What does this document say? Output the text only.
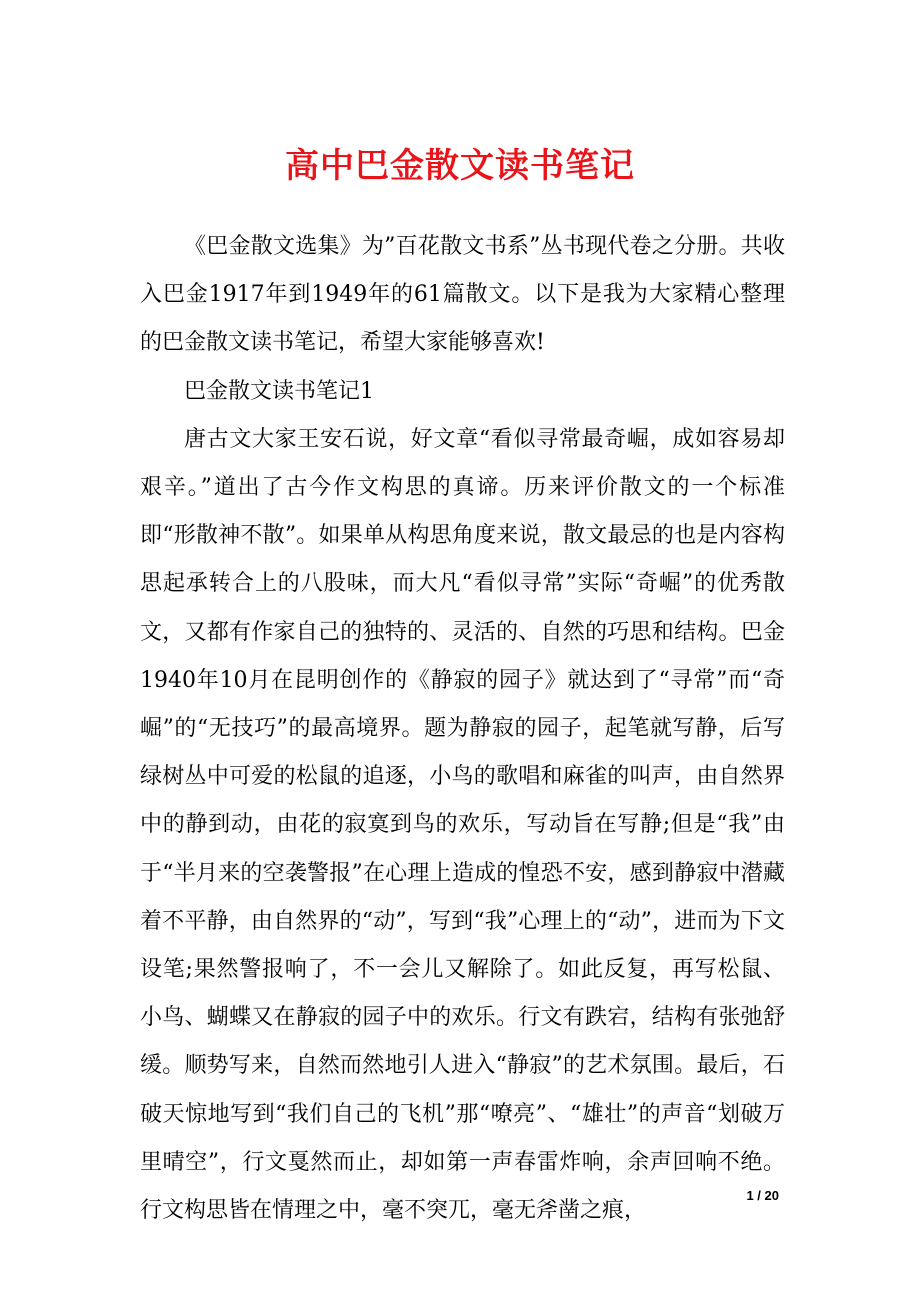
高中巴金散文读书笔记

《巴金散文选集》为”百花散文书系”丛书现代卷之分册。共收入巴金1917年到1949年的61篇散文。以下是我为大家精心整理的巴金散文读书笔记，希望大家能够喜欢!

巴金散文读书笔记1

唐古文大家王安石说，好文章“看似寻常最奇崛，成如容易却艰辛。”道出了古今作文构思的真谛。历来评价散文的一个标准即“形散神不散”。如果单从构思角度来说，散文最忌的也是内容构思起承转合上的八股味，而大凡“看似寻常”实际“奇崛”的优秀散文，又都有作家自己的独特的、灵活的、自然的巧思和结构。巴金1940年10月在昆明创作的《静寂的园子》就达到了“寻常”而“奇崛”的“无技巧”的最高境界。题为静寂的园子，起笔就写静，后写绿树丛中可爱的松鼠的追逐，小鸟的歌唱和麻雀的叫声，由自然界中的静到动，由花的寂寞到鸟的欢乐，写动旨在写静;但是“我”由于“半月来的空袭警报”在心理上造成的惶恐不安，感到静寂中潜藏着不平静，由自然界的“动”，写到“我”心理上的“动”，进而为下文设笔;果然警报响了，不一会儿又解除了。如此反复，再写松鼠、小鸟、蝴蝶又在静寂的园子中的欢乐。行文有跌宕，结构有张弛舒缓。顺势写来，自然而然地引人进入“静寂”的艺术氛围。最后，石破天惊地写到“我们自己的飞机”那“嘹亮”、“雄壮”的声音“划破万里晴空”，行文戛然而止，却如第一声春雷炸响，余声回响不绝。行文构思皆在情理之中，毫不突兀，毫无斧凿之痕，

1 / 20
